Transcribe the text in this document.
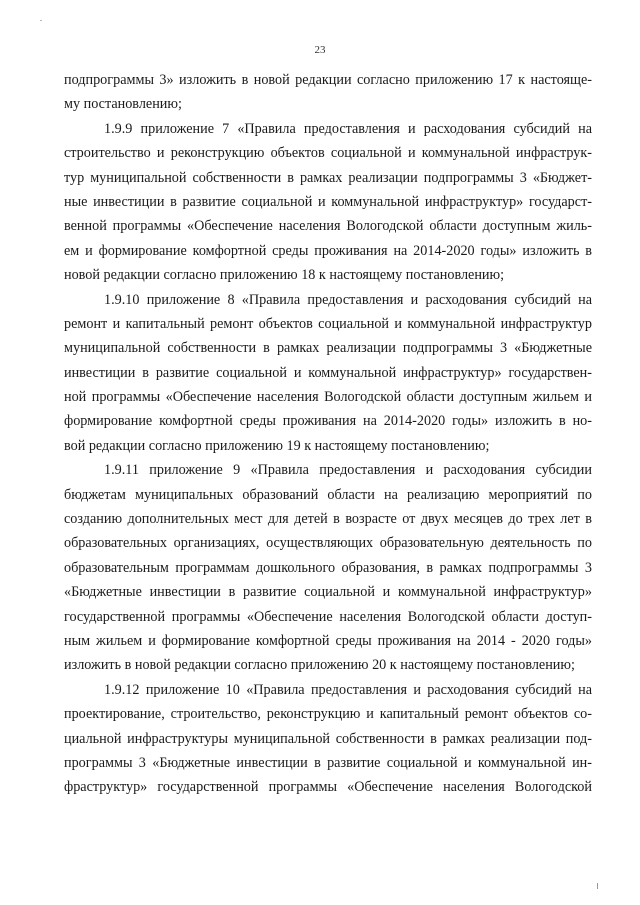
23
подпрограммы 3» изложить в новой редакции согласно приложению 17 к настояще-
му постановлению;
1.9.9 приложение 7 «Правила предоставления и расходования субсидий на
строительство и реконструкцию объектов социальной и коммунальной инфраструк-
тур муниципальной собственности в рамках реализации подпрограммы 3 «Бюджет-
ные инвестиции в развитие социальной и коммунальной инфраструктур» государст-
венной программы «Обеспечение населения Вологодской области доступным жиль-
ем и формирование комфортной среды проживания на 2014-2020 годы» изложить в
новой редакции согласно приложению 18 к настоящему постановлению;
1.9.10 приложение 8 «Правила предоставления и расходования субсидий на
ремонт и капитальный ремонт объектов социальной и коммунальной инфраструктур
муниципальной собственности в рамках реализации подпрограммы 3 «Бюджетные
инвестиции в развитие социальной и коммунальной инфраструктур» государствен-
ной программы «Обеспечение населения Вологодской области доступным жильем и
формирование комфортной среды проживания на 2014-2020 годы» изложить в но-
вой редакции согласно приложению 19 к настоящему постановлению;
1.9.11 приложение 9 «Правила предоставления и расходования субсидии
бюджетам муниципальных образований области на реализацию мероприятий по
созданию дополнительных мест для детей в возрасте от двух месяцев до трех лет в
образовательных организациях, осуществляющих образовательную деятельность по
образовательным программам дошкольного образования, в рамках подпрограммы 3
«Бюджетные инвестиции в развитие социальной и коммунальной инфраструктур»
государственной программы «Обеспечение населения Вологодской области доступ-
ным жильем и формирование комфортной среды проживания на 2014 - 2020 годы»
изложить в новой редакции согласно приложению 20 к настоящему постановлению;
1.9.12 приложение 10 «Правила предоставления и расходования субсидий на
проектирование, строительство, реконструкцию и капитальный ремонт объектов со-
циальной инфраструктуры муниципальной собственности в рамках реализации под-
программы 3 «Бюджетные инвестиции в развитие социальной и коммунальной ин-
фраструктур» государственной программы «Обеспечение населения Вологодской
